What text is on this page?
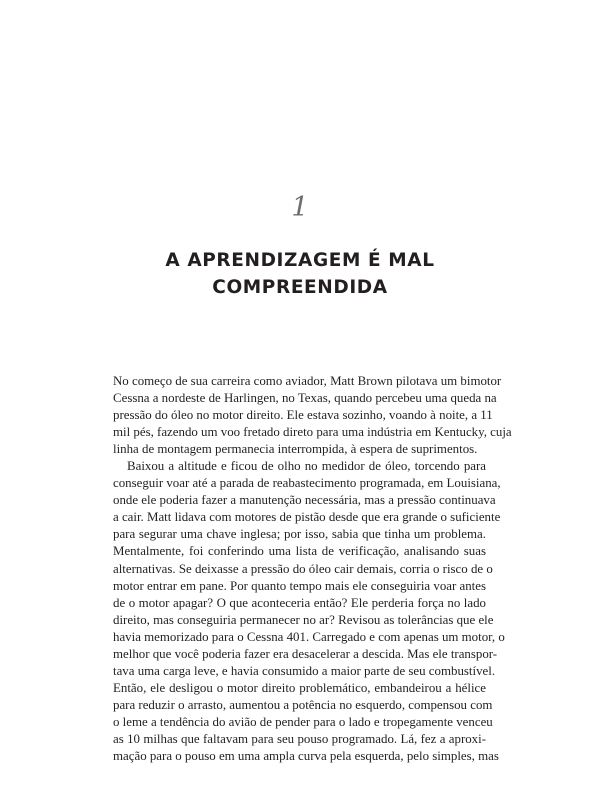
1
A APRENDIZAGEM É MAL
COMPREENDIDA
No começo de sua carreira como aviador, Matt Brown pilotava um bimotor
Cessna a nordeste de Harlingen, no Texas, quando percebeu uma queda na
pressão do óleo no motor direito. Ele estava sozinho, voando à noite, a 11
mil pés, fazendo um voo fretado direto para uma indústria em Kentucky, cuja
linha de montagem permanecia interrompida, à espera de suprimentos.
Baixou a altitude e ficou de olho no medidor de óleo, torcendo para
conseguir voar até a parada de reabastecimento programada, em Louisiana,
onde ele poderia fazer a manutenção necessária, mas a pressão continuava
a cair. Matt lidava com motores de pistão desde que era grande o suficiente
para segurar uma chave inglesa; por isso, sabia que tinha um problema.
Mentalmente, foi conferindo uma lista de verificação, analisando suas
alternativas. Se deixasse a pressão do óleo cair demais, corria o risco de o
motor entrar em pane. Por quanto tempo mais ele conseguiria voar antes
de o motor apagar? O que aconteceria então? Ele perderia força no lado
direito, mas conseguiria permanecer no ar? Revisou as tolerâncias que ele
havia memorizado para o Cessna 401. Carregado e com apenas um motor, o
melhor que você poderia fazer era desacelerar a descida. Mas ele transpor-
tava uma carga leve, e havia consumido a maior parte de seu combustível.
Então, ele desligou o motor direito problemático, embandeirou a hélice
para reduzir o arrasto, aumentou a potência no esquerdo, compensou com
o leme a tendência do avião de pender para o lado e tropegamente venceu
as 10 milhas que faltavam para seu pouso programado. Lá, fez a aproxi-
mação para o pouso em uma ampla curva pela esquerda, pelo simples, mas
